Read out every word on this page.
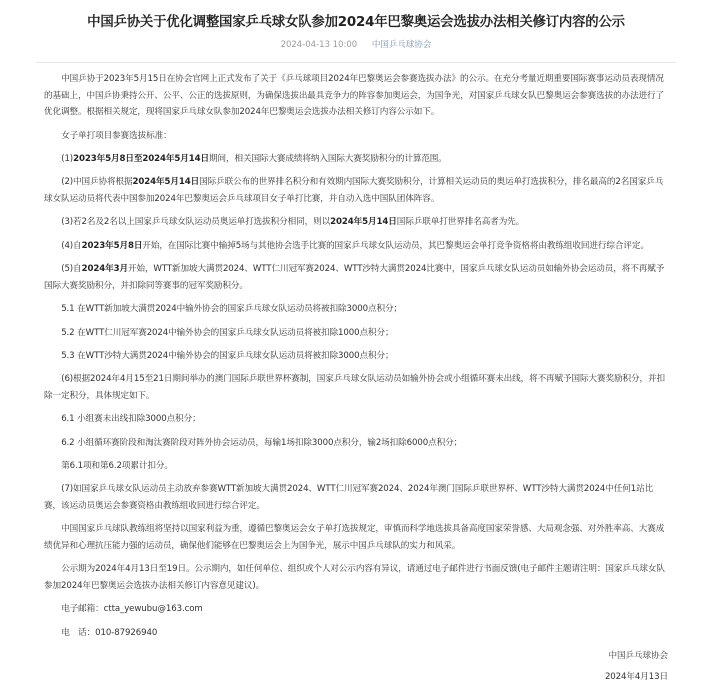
中国乒协关于优化调整国家乒乓球女队参加2024年巴黎奥运会选拔办法相关修订内容的公示
2024-04-13 10:00 中国乒乓球协会

中国乒协于2023年5月15日在协会官网上正式发布了关于《乒乓球项目2024年巴黎奥运会参赛选拔办法》的公示。在充分考量近期重要国际赛事运动员表现情况的基础上，中国乒协秉持公开、公平、公正的选拔原则，为确保选拔出最具竞争力的阵容参加奥运会，为国争光，对国家乒乓球女队巴黎奥运会参赛选拔的办法进行了优化调整。根据相关规定，现将国家乒乓球女队参加2024年巴黎奥运会选拔办法相关修订内容公示如下。

女子单打项目参赛选拔标准：

(1)2023年5月8日至2024年5月14日期间，相关国际大赛成绩将纳入国际大赛奖励积分的计算范围。

(2)中国乒协将根据2024年5月14日国际乒联公布的世界排名积分和有效期内国际大赛奖励积分，计算相关运动员的奥运单打选拔积分，排名最高的2名国家乒乓球女队运动员将代表中国参加2024年巴黎奥运会乒乓球项目女子单打比赛，并自动入选中国队团体阵容。

(3)若2名及2名以上国家乒乓球女队运动员奥运单打选拔积分相同，则以2024年5月14日国际乒联单打世界排名高者为先。

(4)自2023年5月8日开始，在国际比赛中输掉5场与其他协会选手比赛的国家乒乓球女队运动员，其巴黎奥运会单打竞争资格将由教练组收回进行综合评定。

(5)自2024年3月开始，WTT新加坡大满贯2024、WTT仁川冠军赛2024、WTT沙特大满贯2024比赛中，国家乒乓球女队运动员如输外协会运动员，将不再赋予国际大赛奖励积分，并扣除同等赛事的冠军奖励积分。

5.1 在WTT新加坡大满贯2024中输外协会的国家乒乓球女队运动员将被扣除3000点积分；

5.2 在WTT仁川冠军赛2024中输外协会的国家乒乓球女队运动员将被扣除1000点积分；

5.3 在WTT沙特大满贯2024中输外协会的国家乒乓球女队运动员将被扣除3000点积分；

(6)根据2024年4月15至21日期间举办的澳门国际乒联世界杯赛制，国家乒乓球女队运动员如输外协会或小组循环赛未出线，将不再赋予国际大赛奖励积分，并扣除一定积分，具体规定如下。

6.1 小组赛未出线扣除3000点积分；

6.2 小组循环赛阶段和淘汰赛阶段对阵外协会运动员，每输1场扣除3000点积分，输2场扣除6000点积分；

第6.1项和第6.2项累计扣分。

(7)如国家乒乓球女队运动员主动放弃参赛WTT新加坡大满贯2024、WTT仁川冠军赛2024、2024年澳门国际乒联世界杯、WTT沙特大满贯2024中任何1站比赛，该运动员奥运会参赛资格由教练组收回进行综合评定。

中国国家乒乓球队教练组将坚持以国家利益为重，遵循巴黎奥运会女子单打选拔规定，审慎而科学地选拔具备高度国家荣誉感、大局观念强、对外胜率高、大赛成绩优异和心理抗压能力强的运动员，确保他们能够在巴黎奥运会上为国争光，展示中国乒乓球队的实力和风采。

公示期为2024年4月13日至19日。公示期内，如任何单位、组织或个人对公示内容有异议，请通过电子邮件进行书面反馈(电子邮件主题请注明：国家乒乓球女队参加2024年巴黎奥运会选拔办法相关修订内容意见建议)。

电子邮箱：ctta_yewubu@163.com

电　话：010-87926940

中国乒乓球协会

2024年4月13日
